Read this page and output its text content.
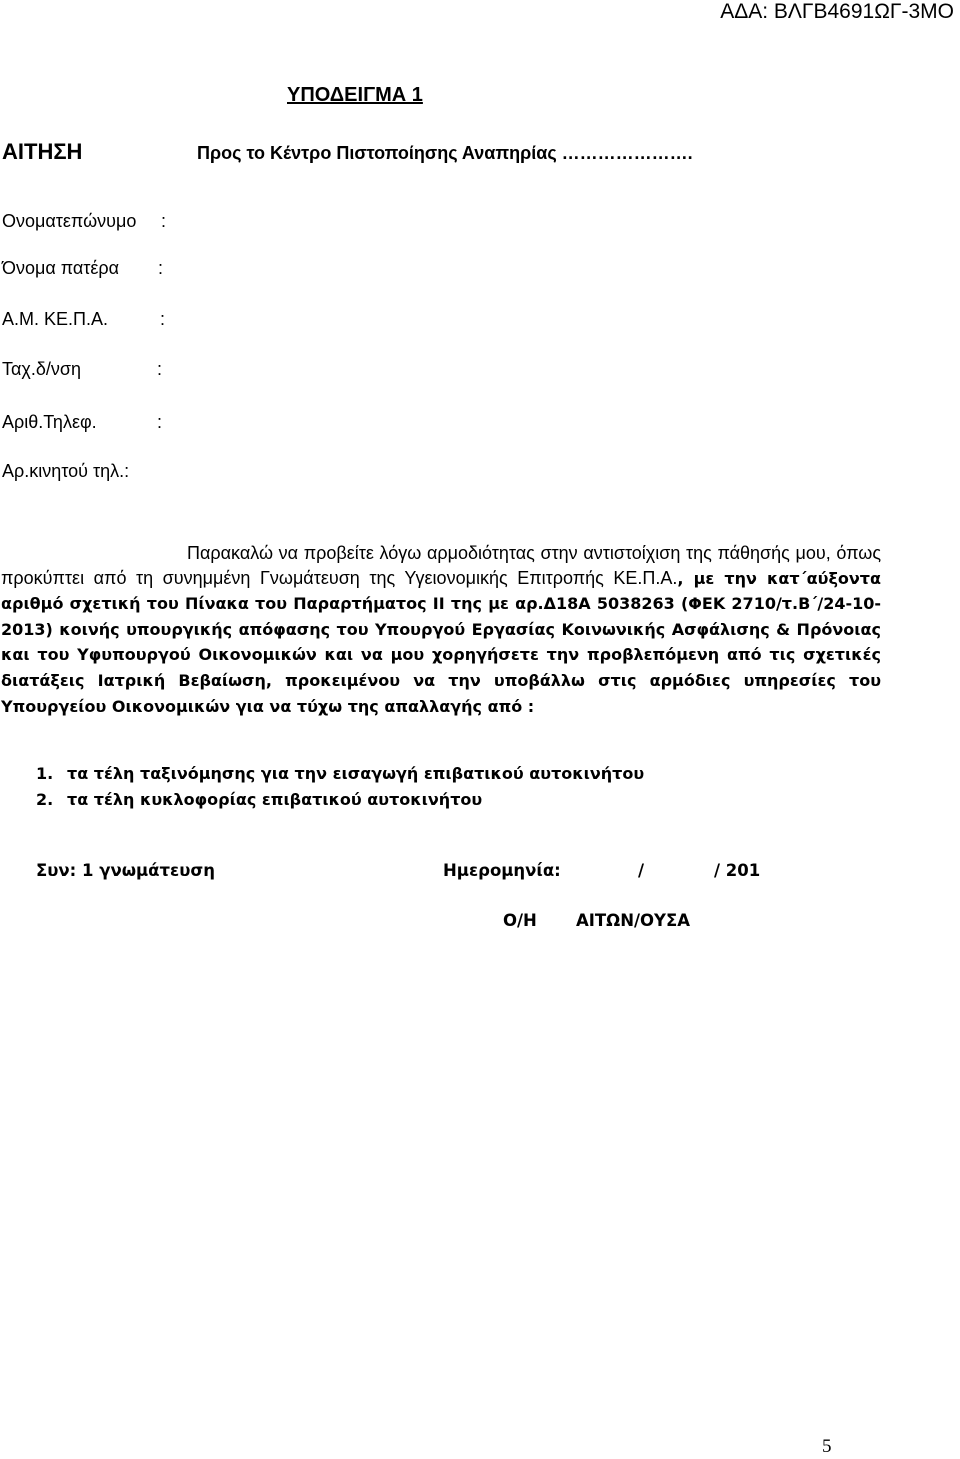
ΑΔΑ: ΒΛΓΒ4691ΩΓ-3ΜΟ
ΥΠΟΔΕΙΓΜΑ 1
ΑΙΤΗΣΗ	Προς το Κέντρο Πιστοποίησης Αναπηρίας ………………….
Ονοματεπώνυμο :
Όνομα πατέρα :
Α.Μ. ΚΕ.Π.Α.	:
Ταχ.δ/νση	:
Αριθ.Τηλεφ.	:
Αρ.κινητού τηλ.:
Παρακαλώ να προβείτε λόγω αρμοδιότητας στην αντιστοίχιση της πάθησής μου, όπως προκύπτει από τη συνημμένη Γνωμάτευση της Υγειονομικής Επιτροπής ΚΕ.Π.Α., με την κατ΄αύξοντα αριθμό σχετική του Πίνακα του Παραρτήματος ΙΙ της με αρ.Δ18Α 5038263 (ΦΕΚ 2710/τ.Β΄/24-10-2013) κοινής υπουργικής απόφασης του Υπουργού Εργασίας Κοινωνικής Ασφάλισης & Πρόνοιας και του Υφυπουργού Οικονομικών και να μου χορηγήσετε την προβλεπόμενη από τις σχετικές διατάξεις Ιατρική Βεβαίωση, προκειμένου να την υποβάλλω στις αρμόδιες υπηρεσίες του Υπουργείου Οικονομικών για να τύχω της απαλλαγής από :
1. τα τέλη ταξινόμησης για την εισαγωγή επιβατικού αυτοκινήτου
2. τα τέλη κυκλοφορίας επιβατικού αυτοκινήτου
Συν: 1 γνωμάτευση	Ημερομηνία:	/	/ 201
Ο/Η ΑΙΤΩΝ/ΟΥΣΑ
5
